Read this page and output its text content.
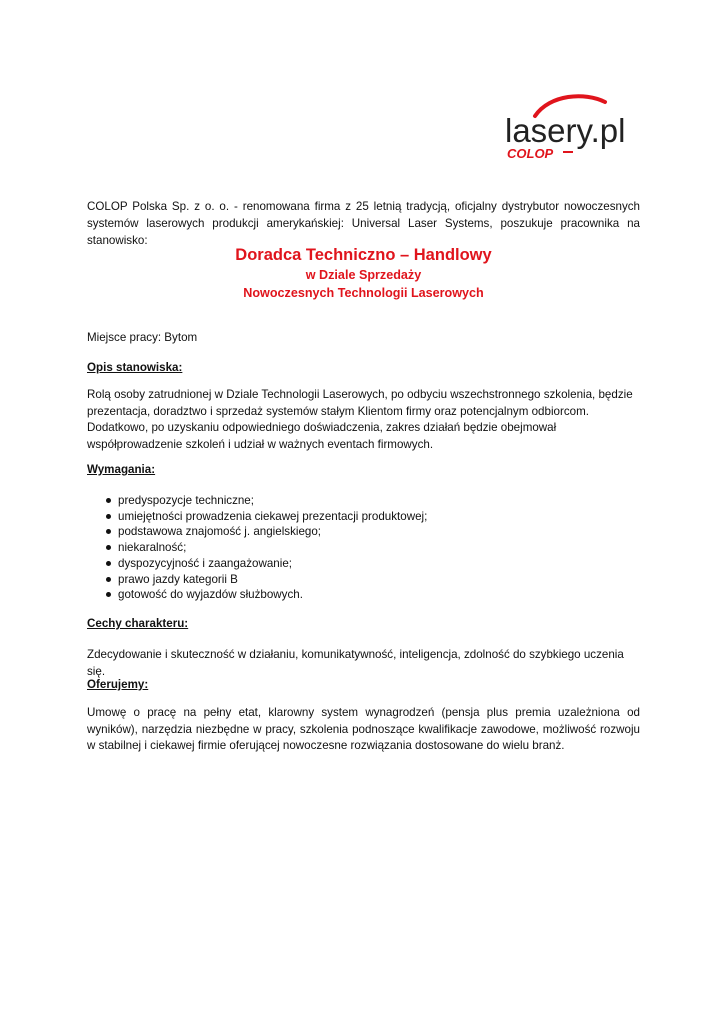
lasery.pl
COLOP
COLOP Polska Sp. z o. o. - renomowana firma z 25 letnią tradycją, oficjalny dystrybutor nowoczesnych systemów laserowych produkcji amerykańskiej: Universal Laser Systems, poszukuje pracownika na stanowisko:
Doradca Techniczno – Handlowy
w Dziale Sprzedaży
Nowoczesnych Technologii Laserowych
Miejsce pracy: Bytom
Opis stanowiska:
Rolą osoby zatrudnionej w Dziale Technologii Laserowych, po odbyciu wszechstronnego szkolenia, będzie prezentacja, doradztwo i sprzedaż systemów stałym Klientom firmy oraz potencjalnym odbiorcom. Dodatkowo, po uzyskaniu odpowiedniego doświadczenia, zakres działań będzie obejmował współprowadzenie szkoleń i udział w ważnych eventach firmowych.
Wymagania:
predyspozycje techniczne;
umiejętności prowadzenia ciekawej prezentacji produktowej;
podstawowa znajomość j. angielskiego;
niekaralność;
dyspozycyjność i zaangażowanie;
prawo jazdy kategorii B
gotowość do wyjazdów służbowych.
Cechy charakteru:
Zdecydowanie i skuteczność w działaniu, komunikatywność, inteligencja, zdolność do szybkiego uczenia się.
Oferujemy:
Umowę o pracę na pełny etat, klarowny system wynagrodzeń (pensja plus premia uzależniona od wyników), narzędzia niezbędne w pracy, szkolenia podnoszące kwalifikacje zawodowe, możliwość rozwoju w stabilnej i ciekawej firmie oferującej nowoczesne rozwiązania dostosowane do wielu branż.
